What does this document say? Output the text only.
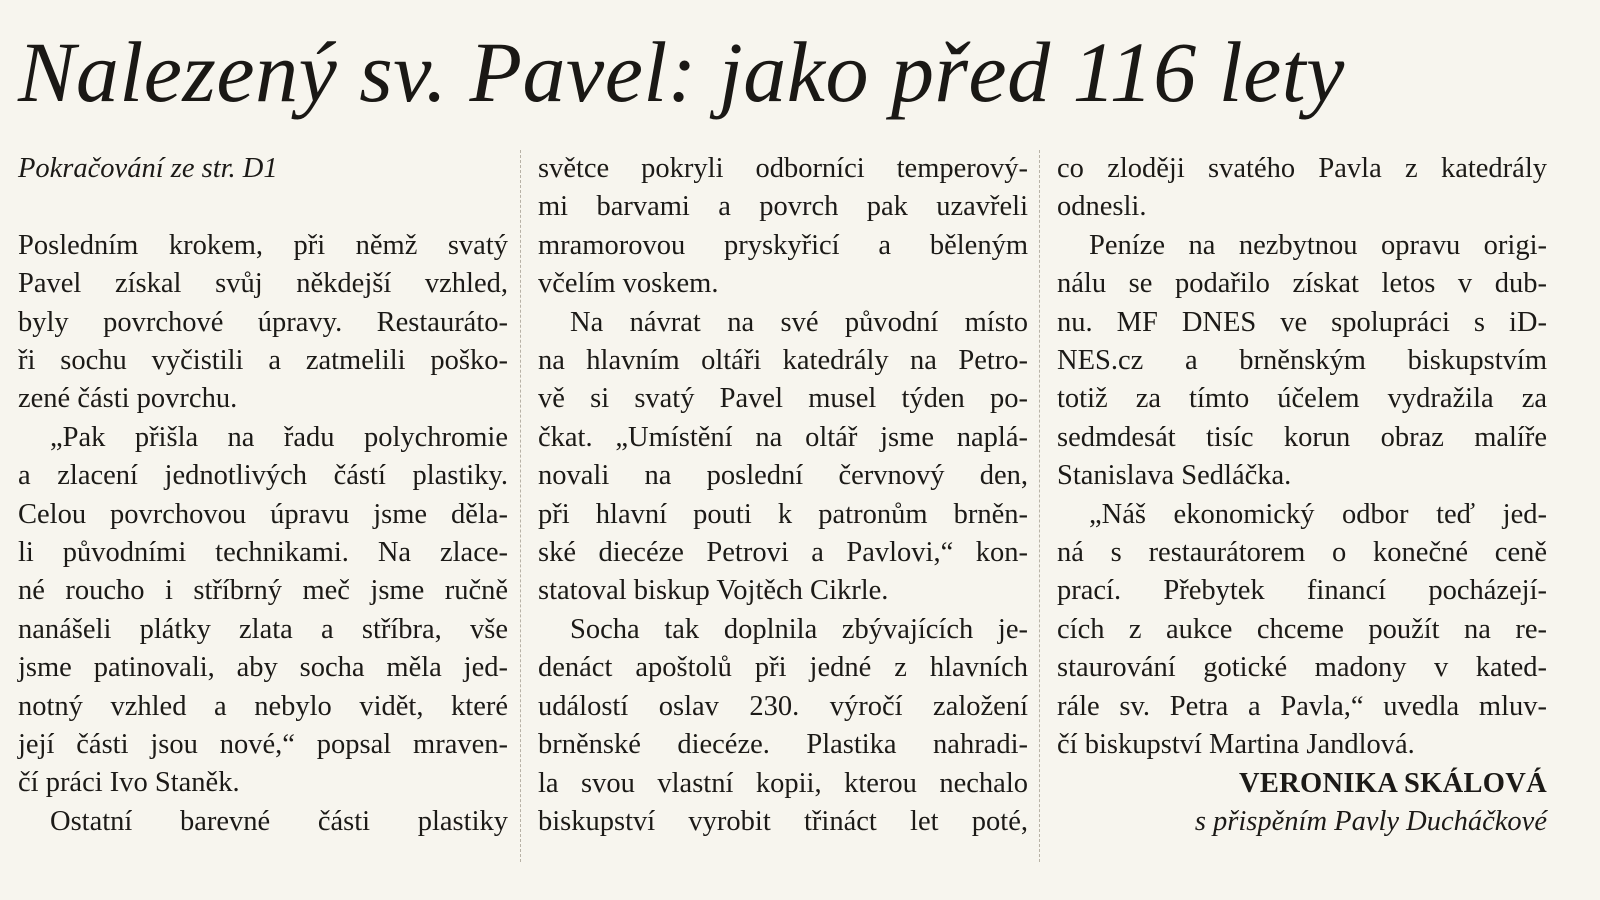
Nalezený sv. Pavel: jako před 116 lety

Pokračování ze str. D1

Posledním krokem, při němž svatý

Pavel získal svůj někdejší vzhled,

byly povrchové úpravy. Restauráto-

ři sochu vyčistili a zatmelili poško-

zené části povrchu.

„Pak přišla na řadu polychromie

a zlacení jednotlivých částí plastiky.

Celou povrchovou úpravu jsme děla-

li původními technikami. Na zlace-

né roucho i stříbrný meč jsme ručně

nanášeli plátky zlata a stříbra, vše

jsme patinovali, aby socha měla jed-

notný vzhled a nebylo vidět, které

její části jsou nové,“ popsal mraven-

čí práci Ivo Staněk.

Ostatní barevné části plastiky

světce pokryli odborníci temperový-

mi barvami a povrch pak uzavřeli

mramorovou pryskyřicí a běleným

včelím voskem.

Na návrat na své původní místo

na hlavním oltáři katedrály na Petro-

vě si svatý Pavel musel týden po-

čkat. „Umístění na oltář jsme naplá-

novali na poslední červnový den,

při hlavní pouti k patronům brněn-

ské diecéze Petrovi a Pavlovi,“ kon-

statoval biskup Vojtěch Cikrle.

Socha tak doplnila zbývajících je-

denáct apoštolů při jedné z hlavních

událostí oslav 230. výročí založení

brněnské diecéze. Plastika nahradi-

la svou vlastní kopii, kterou nechalo

biskupství vyrobit třináct let poté,

co zloději svatého Pavla z katedrály

odnesli.

Peníze na nezbytnou opravu origi-

nálu se podařilo získat letos v dub-

nu. MF DNES ve spolupráci s iD-

NES.cz a brněnským biskupstvím

totiž za tímto účelem vydražila za

sedmdesát tisíc korun obraz malíře

Stanislava Sedláčka.

„Náš ekonomický odbor teď jed-

ná s restaurátorem o konečné ceně

prací. Přebytek financí pocházejí-

cích z aukce chceme použít na re-

staurování gotické madony v kated-

rále sv. Petra a Pavla,“ uvedla mluv-

čí biskupství Martina Jandlová.

VERONIKA SKÁLOVÁ

s přispěním Pavly Ducháčkové
